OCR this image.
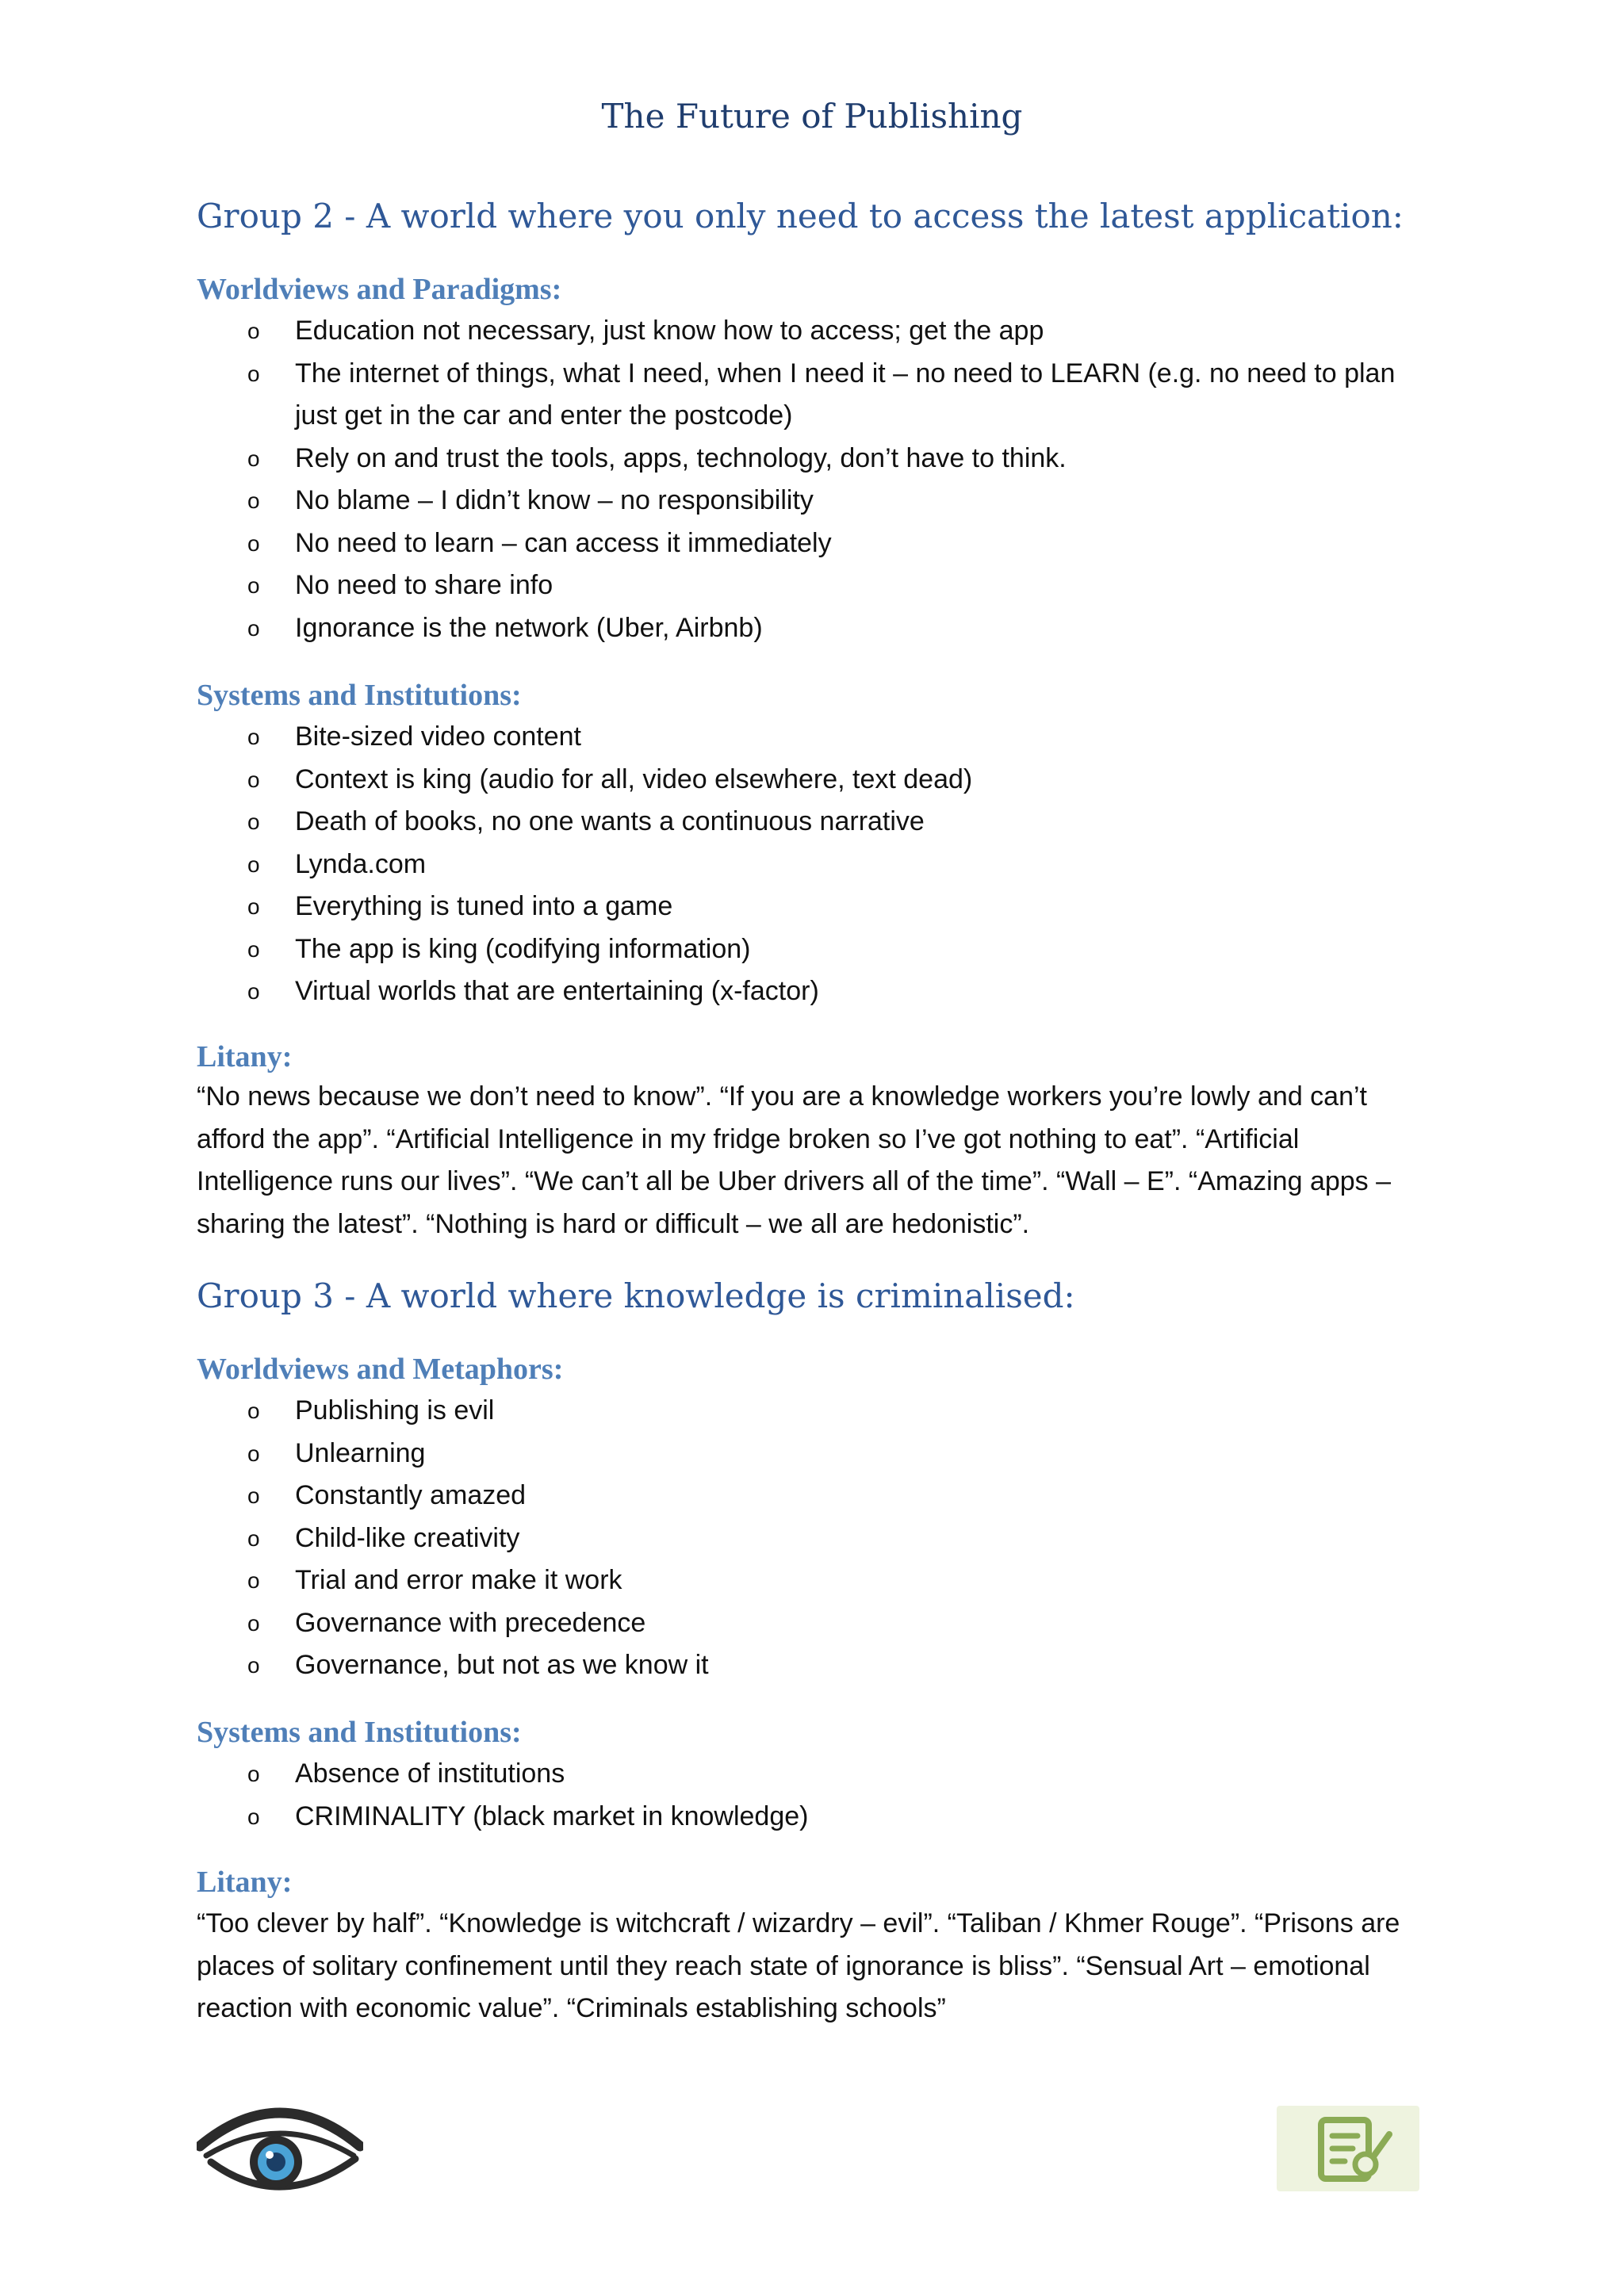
The Future of Publishing
Group 2 - A world where you only need to access the latest application:
Worldviews and Paradigms:
o Education not necessary, just know how to access; get the app
o The internet of things, what I need, when I need it – no need to LEARN (e.g. no need to plan just get in the car and enter the postcode)
o Rely on and trust the tools, apps, technology, don’t have to think.
o No blame – I didn’t know – no responsibility
o No need to learn – can access it immediately
o No need to share info
o Ignorance is the network (Uber, Airbnb)
Systems and Institutions:
o Bite-sized video content
o Context is king (audio for all, video elsewhere, text dead)
o Death of books, no one wants a continuous narrative
o Lynda.com
o Everything is tuned into a game
o The app is king (codifying information)
o Virtual worlds that are entertaining (x-factor)
Litany:

“No news because we don’t need to know”. “If you are a knowledge workers you’re lowly and can’t afford the app”. “Artificial Intelligence in my fridge broken so I’ve got nothing to eat”. “Artificial Intelligence runs our lives”. “We can’t all be Uber drivers all of the time”. “Wall – E”. “Amazing apps – sharing the latest”. “Nothing is hard or difficult – we all are hedonistic”.

Group 3 - A world where knowledge is criminalised:
Worldviews and Metaphors:
o Publishing is evil
o Unlearning
o Constantly amazed
o Child-like creativity
o Trial and error make it work
o Governance with precedence
o Governance, but not as we know it
Systems and Institutions:
o Absence of institutions
o CRIMINALITY (black market in knowledge)
Litany:

“Too clever by half”. “Knowledge is witchcraft / wizardry – evil”. “Taliban / Khmer Rouge”. “Prisons are places of solitary confinement until they reach state of ignorance is bliss”. “Sensual Art – emotional reaction with economic value”. “Criminals establishing schools”
